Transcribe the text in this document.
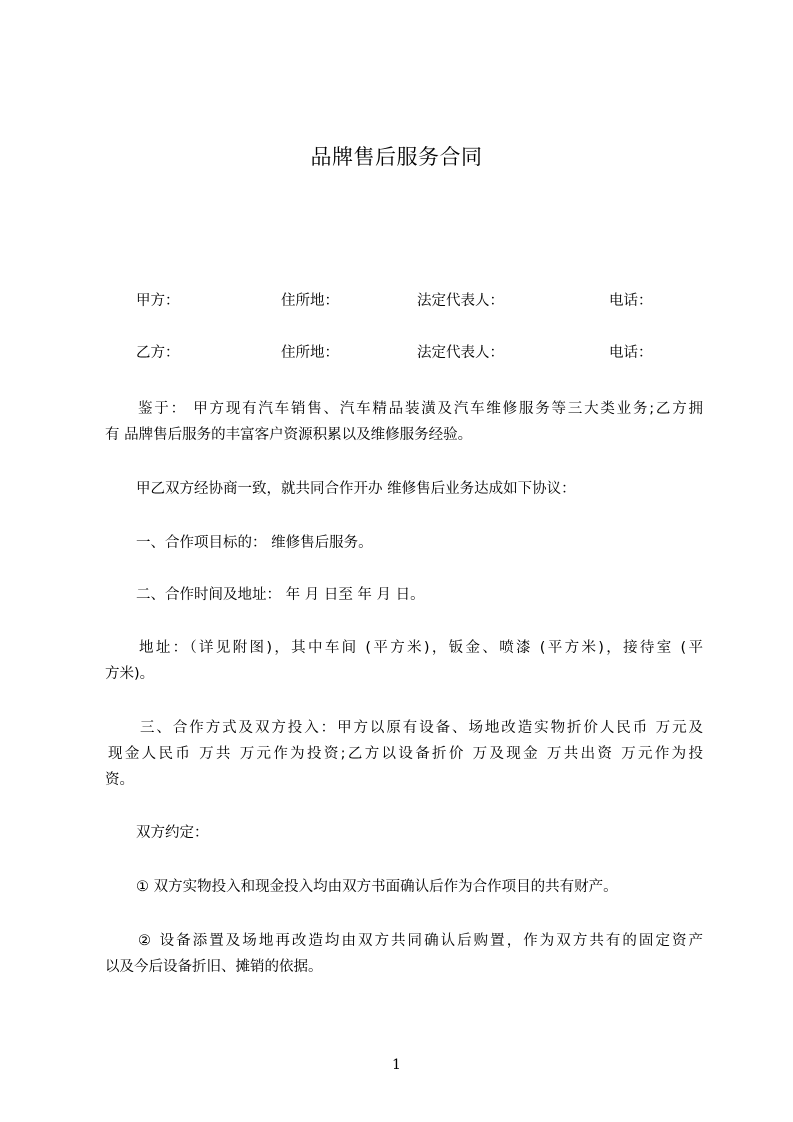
品牌售后服务合同
甲方：	住所地：	法定代表人：	电话：
乙方：	住所地：	法定代表人：	电话：
鉴于： 甲方现有汽车销售、汽车精品装潢及汽车维修服务等三大类业务;乙方拥
有 品牌售后服务的丰富客户资源积累以及维修服务经验。
甲乙双方经协商一致，就共同合作开办 维修售后业务达成如下协议：
一、合作项目标的： 维修售后服务。
二、合作时间及地址： 年 月 日至 年 月 日。
地址：（详见附图)，其中车间 (平方米)，钣金、喷漆 (平方米)，接待室 (平
方米)。
三、合作方式及双方投入：甲方以原有设备、场地改造实物折价人民币 万元及
现金人民币 万共 万元作为投资;乙方以设备折价 万及现金 万共出资 万元作为投
资。
双方约定：
① 双方实物投入和现金投入均由双方书面确认后作为合作项目的共有财产。
② 设备添置及场地再改造均由双方共同确认后购置，作为双方共有的固定资产
以及今后设备折旧、摊销的依据。
1
